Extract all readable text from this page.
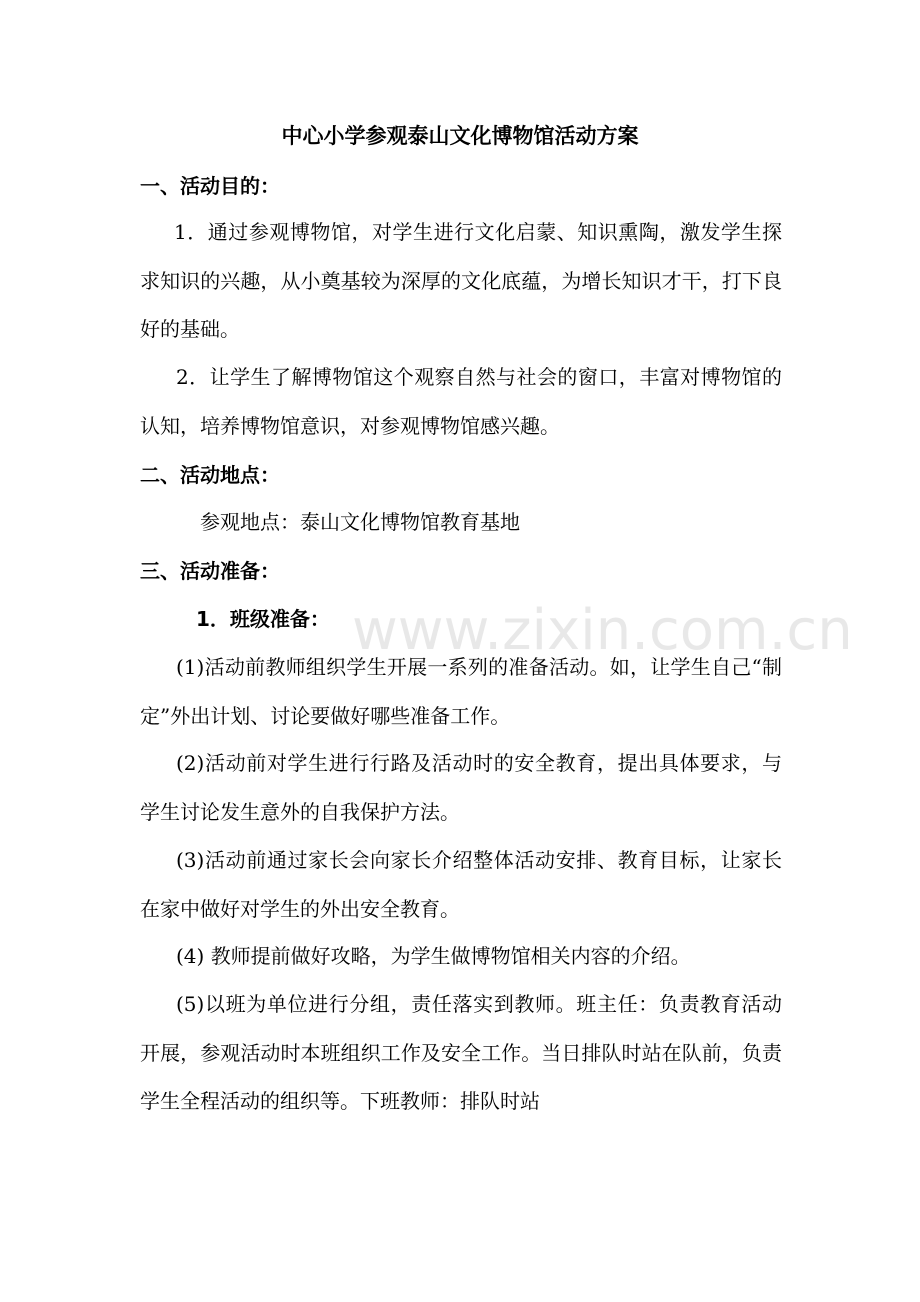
www.zixin.com.cn
中心小学参观泰山文化博物馆活动方案
一、活动目的：

1．通过参观博物馆，对学生进行文化启蒙、知识熏陶，激发学生探求知识的兴趣，从小奠基较为深厚的文化底蕴，为增长知识才干，打下良好的基础。

2．让学生了解博物馆这个观察自然与社会的窗口，丰富对博物馆的认知，培养博物馆意识，对参观博物馆感兴趣。

二、活动地点：
参观地点：泰山文化博物馆教育基地
三、活动准备：
1．班级准备：

(1)活动前教师组织学生开展一系列的准备活动。如，让学生自己“制定”外出计划、讨论要做好哪些准备工作。

(2)活动前对学生进行行路及活动时的安全教育，提出具体要求，与学生讨论发生意外的自我保护方法。

(3)活动前通过家长会向家长介绍整体活动安排、教育目标，让家长在家中做好对学生的外出安全教育。

(4) 教师提前做好攻略，为学生做博物馆相关内容的介绍。

(5)以班为单位进行分组，责任落实到教师。班主任：负责教育活动开展，参观活动时本班组织工作及安全工作。当日排队时站在队前，负责学生全程活动的组织等。下班教师：排队时站
